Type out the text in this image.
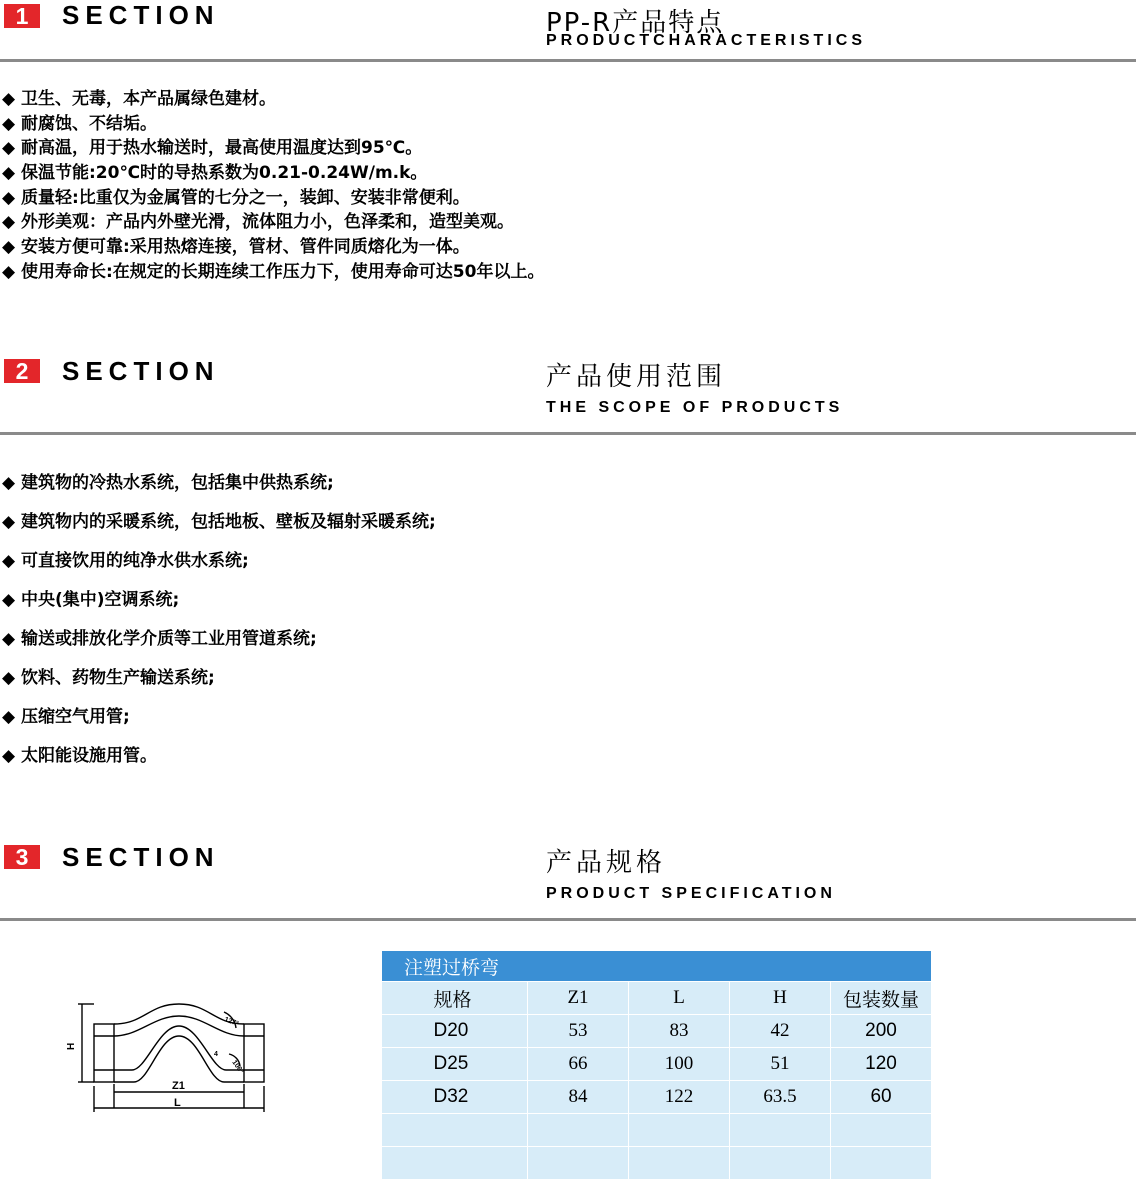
1	SECTION	PP-R产品特点
PRODUCTCHARACTERISTICS
◆ 卫生、无毒，本产品属绿色建材。
◆ 耐腐蚀、不结垢。
◆ 耐高温，用于热水输送时，最高使用温度达到95℃。
◆ 保温节能:20℃时的导热系数为0.21-0.24W/m.k。
◆ 质量轻:比重仅为金属管的七分之一，装卸、安装非常便利。
◆ 外形美观：产品内外壁光滑，流体阻力小，色泽柔和，造型美观。
◆ 安装方便可靠:采用热熔连接，管材、管件同质熔化为一体。
◆ 使用寿命长:在规定的长期连续工作压力下，使用寿命可达50年以上。
2	SECTION	产品使用范围
THE SCOPE OF PRODUCTS
◆ 建筑物的冷热水系统，包括集中供热系统;
◆ 建筑物内的采暖系统，包括地板、壁板及辐射采暖系统;
◆ 可直接饮用的纯净水供水系统;
◆ 中央(集中)空调系统;
◆ 输送或排放化学介质等工业用管道系统;
◆ 饮料、药物生产输送系统;
◆ 压缩空气用管;
◆ 太阳能设施用管。
3	SECTION	产品规格
PRODUCT SPECIFICATION
H
Z1
L
127°
106°
4
注塑过桥弯				
规格	Z1	L	H	包装数量
D20	53	83	42	200
D25	66	100	51	120
D32	84	122	63.5	60
